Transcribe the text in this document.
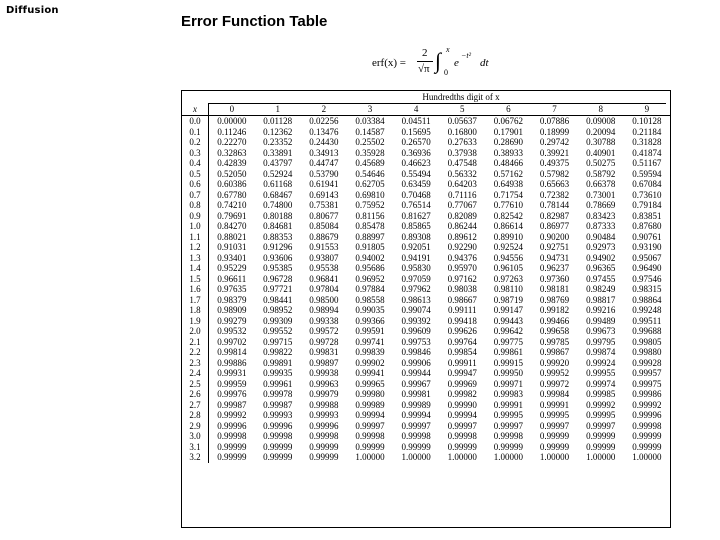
Diffusion
Error Function Table
erf(x) =
2
√π ∫ x
0
e
−t²
dt
Hundredths digit of x
x	0	1	2	3	4	5	6	7	8	9
0.0	0.00000	0.01128	0.02256	0.03384	0.04511	0.05637	0.06762	0.07886	0.09008	0.10128
0.1	0.11246	0.12362	0.13476	0.14587	0.15695	0.16800	0.17901	0.18999	0.20094	0.21184
0.2	0.22270	0.23352	0.24430	0.25502	0.26570	0.27633	0.28690	0.29742	0.30788	0.31828
0.3	0.32863	0.33891	0.34913	0.35928	0.36936	0.37938	0.38933	0.39921	0.40901	0.41874
0.4	0.42839	0.43797	0.44747	0.45689	0.46623	0.47548	0.48466	0.49375	0.50275	0.51167
0.5	0.52050	0.52924	0.53790	0.54646	0.55494	0.56332	0.57162	0.57982	0.58792	0.59594
0.6	0.60386	0.61168	0.61941	0.62705	0.63459	0.64203	0.64938	0.65663	0.66378	0.67084
0.7	0.67780	0.68467	0.69143	0.69810	0.70468	0.71116	0.71754	0.72382	0.73001	0.73610
0.8	0.74210	0.74800	0.75381	0.75952	0.76514	0.77067	0.77610	0.78144	0.78669	0.79184
0.9	0.79691	0.80188	0.80677	0.81156	0.81627	0.82089	0.82542	0.82987	0.83423	0.83851
1.0	0.84270	0.84681	0.85084	0.85478	0.85865	0.86244	0.86614	0.86977	0.87333	0.87680
1.1	0.88021	0.88353	0.88679	0.88997	0.89308	0.89612	0.89910	0.90200	0.90484	0.90761
1.2	0.91031	0.91296	0.91553	0.91805	0.92051	0.92290	0.92524	0.92751	0.92973	0.93190
1.3	0.93401	0.93606	0.93807	0.94002	0.94191	0.94376	0.94556	0.94731	0.94902	0.95067
1.4	0.95229	0.95385	0.95538	0.95686	0.95830	0.95970	0.96105	0.96237	0.96365	0.96490
1.5	0.96611	0.96728	0.96841	0.96952	0.97059	0.97162	0.97263	0.97360	0.97455	0.97546
1.6	0.97635	0.97721	0.97804	0.97884	0.97962	0.98038	0.98110	0.98181	0.98249	0.98315
1.7	0.98379	0.98441	0.98500	0.98558	0.98613	0.98667	0.98719	0.98769	0.98817	0.98864
1.8	0.98909	0.98952	0.98994	0.99035	0.99074	0.99111	0.99147	0.99182	0.99216	0.99248
1.9	0.99279	0.99309	0.99338	0.99366	0.99392	0.99418	0.99443	0.99466	0.99489	0.99511
2.0	0.99532	0.99552	0.99572	0.99591	0.99609	0.99626	0.99642	0.99658	0.99673	0.99688
2.1	0.99702	0.99715	0.99728	0.99741	0.99753	0.99764	0.99775	0.99785	0.99795	0.99805
2.2	0.99814	0.99822	0.99831	0.99839	0.99846	0.99854	0.99861	0.99867	0.99874	0.99880
2.3	0.99886	0.99891	0.99897	0.99902	0.99906	0.99911	0.99915	0.99920	0.99924	0.99928
2.4	0.99931	0.99935	0.99938	0.99941	0.99944	0.99947	0.99950	0.99952	0.99955	0.99957
2.5	0.99959	0.99961	0.99963	0.99965	0.99967	0.99969	0.99971	0.99972	0.99974	0.99975
2.6	0.99976	0.99978	0.99979	0.99980	0.99981	0.99982	0.99983	0.99984	0.99985	0.99986
2.7	0.99987	0.99987	0.99988	0.99989	0.99989	0.99990	0.99991	0.99991	0.99992	0.99992
2.8	0.99992	0.99993	0.99993	0.99994	0.99994	0.99994	0.99995	0.99995	0.99995	0.99996
2.9	0.99996	0.99996	0.99996	0.99997	0.99997	0.99997	0.99997	0.99997	0.99997	0.99998
3.0	0.99998	0.99998	0.99998	0.99998	0.99998	0.99998	0.99998	0.99999	0.99999	0.99999
3.1	0.99999	0.99999	0.99999	0.99999	0.99999	0.99999	0.99999	0.99999	0.99999	0.99999
3.2	0.99999	0.99999	0.99999	1.00000	1.00000	1.00000	1.00000	1.00000	1.00000	1.00000
